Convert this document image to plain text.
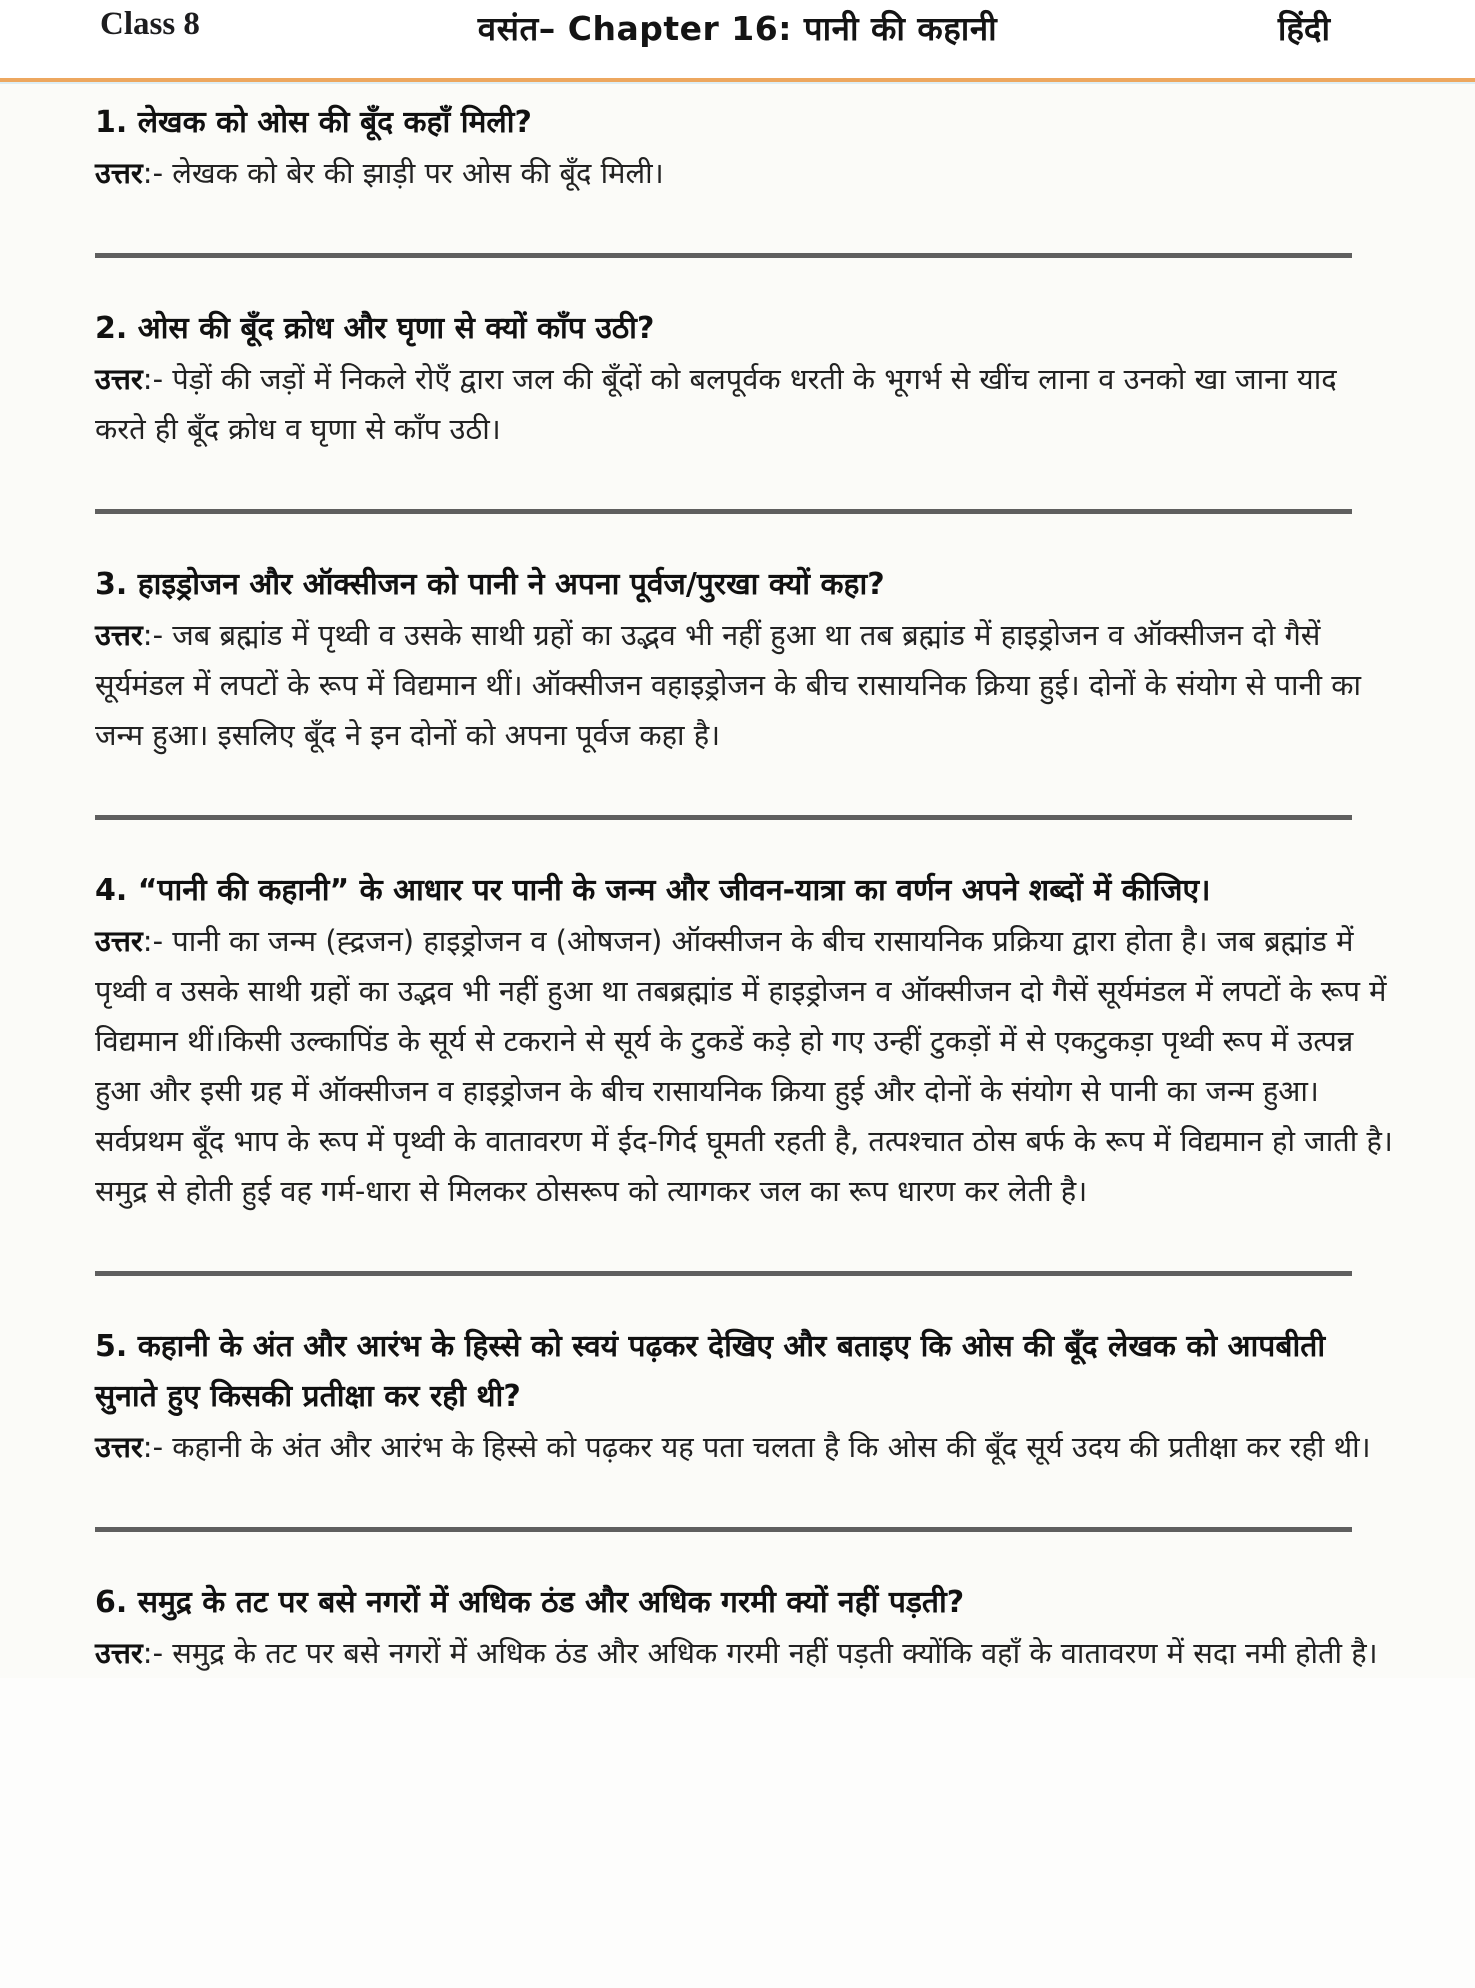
Class 8	वसंत– Chapter 16: पानी की कहानी	हिंदी

1. लेखक को ओस की बूँद कहाँ मिली?

उत्तर:- लेखक को बेर की झाड़ी पर ओस की बूँद मिली।

2. ओस की बूँद क्रोध और घृणा से क्यों काँप उठी?

उत्तर:- पेड़ों की जड़ों में निकले रोएँ द्वारा जल की बूँदों को बलपूर्वक धरती के भूगर्भ से खींच लाना व उनको खा जाना याद करते ही बूँद क्रोध व घृणा से काँप उठी।

3. हाइड्रोजन और ऑक्सीजन को पानी ने अपना पूर्वज/पुरखा क्यों कहा?

उत्तर:- जब ब्रह्मांड में पृथ्वी व उसके साथी ग्रहों का उद्भव भी नहीं हुआ था तब ब्रह्मांड में हाइड्रोजन व ऑक्सीजन दो गैसें सूर्यमंडल में लपटों के रूप में विद्यमान थीं। ऑक्सीजन वहाइड्रोजन के बीच रासायनिक क्रिया हुई। दोनों के संयोग से पानी का जन्म हुआ। इसलिए बूँद ने इन दोनों को अपना पूर्वज कहा है।

4. “पानी की कहानी” के आधार पर पानी के जन्म और जीवन-यात्रा का वर्णन अपने शब्दों में कीजिए।

उत्तर:- पानी का जन्म (ह्द्रजन) हाइड्रोजन व (ओषजन) ऑक्सीजन के बीच रासायनिक प्रक्रिया द्वारा होता है। जब ब्रह्मांड में पृथ्वी व उसके साथी ग्रहों का उद्भव भी नहीं हुआ था तबब्रह्मांड में हाइड्रोजन व ऑक्सीजन दो गैसें सूर्यमंडल में लपटों के रूप में विद्यमान थीं।किसी उल्कापिंड के सूर्य से टकराने से सूर्य के टुकडें कड़े हो गए उन्हीं टुकड़ों में से एकटुकड़ा पृथ्वी रूप में उत्पन्न हुआ और इसी ग्रह में ऑक्सीजन व हाइड्रोजन के बीच रासायनिक क्रिया हुई और दोनों के संयोग से पानी का जन्म हुआ।

सर्वप्रथम बूँद भाप के रूप में पृथ्वी के वातावरण में ईद-गिर्द घूमती रहती है, तत्पश्चात ठोस बर्फ के रूप में विद्यमान हो जाती है। समुद्र से होती हुई वह गर्म-धारा से मिलकर ठोसरूप को त्यागकर जल का रूप धारण कर लेती है।

5. कहानी के अंत और आरंभ के हिस्से को स्वयं पढ़कर देखिए और बताइए कि ओस की बूँद लेखक को आपबीती सुनाते हुए किसकी प्रतीक्षा कर रही थी?

उत्तर:- कहानी के अंत और आरंभ के हिस्से को पढ़कर यह पता चलता है कि ओस की बूँद सूर्य उदय की प्रतीक्षा कर रही थी।

6. समुद्र के तट पर बसे नगरों में अधिक ठंड और अधिक गरमी क्यों नहीं पड़ती?

उत्तर:- समुद्र के तट पर बसे नगरों में अधिक ठंड और अधिक गरमी नहीं पड़ती क्योंकि वहाँ के वातावरण में सदा नमी होती है।
